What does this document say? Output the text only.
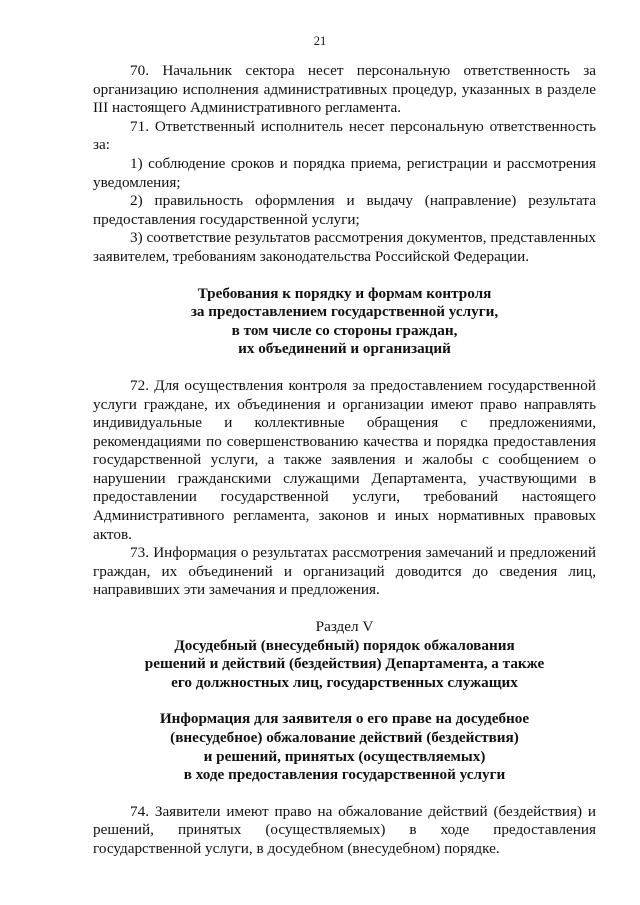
21

70. Начальник сектора несет персональную ответственность за организацию исполнения административных процедур, указанных в разделе III настоящего Административного регламента.

71. Ответственный исполнитель несет персональную ответственность за:

1) соблюдение сроков и порядка приема, регистрации и рассмотрения уведомления;

2) правильность оформления и выдачу (направление) результата предоставления государственной услуги;

3) соответствие результатов рассмотрения документов, представленных заявителем, требованиям законодательства Российской Федерации.

Требования к порядку и формам контроля
за предоставлением государственной услуги,
в том числе со стороны граждан,
их объединений и организаций

72. Для осуществления контроля за предоставлением государственной услуги граждане, их объединения и организации имеют право направлять индивидуальные и коллективные обращения с предложениями, рекомендациями по совершенствованию качества и порядка предоставления государственной услуги, а также заявления и жалобы с сообщением о нарушении гражданскими служащими Департамента, участвующими в предоставлении государственной услуги, требований настоящего Административного регламента, законов и иных нормативных правовых актов.

73. Информация о результатах рассмотрения замечаний и предложений граждан, их объединений и организаций доводится до сведения лиц, направивших эти замечания и предложения.

Раздел V
Досудебный (внесудебный) порядок обжалования
решений и действий (бездействия) Департамента, а также
его должностных лиц, государственных служащих
Информация для заявителя о его праве на досудебное
(внесудебное) обжалование действий (бездействия)
и решений, принятых (осуществляемых)
в ходе предоставления государственной услуги

74. Заявители имеют право на обжалование действий (бездействия) и решений, принятых (осуществляемых) в ходе предоставления государственной услуги, в досудебном (внесудебном) порядке.
